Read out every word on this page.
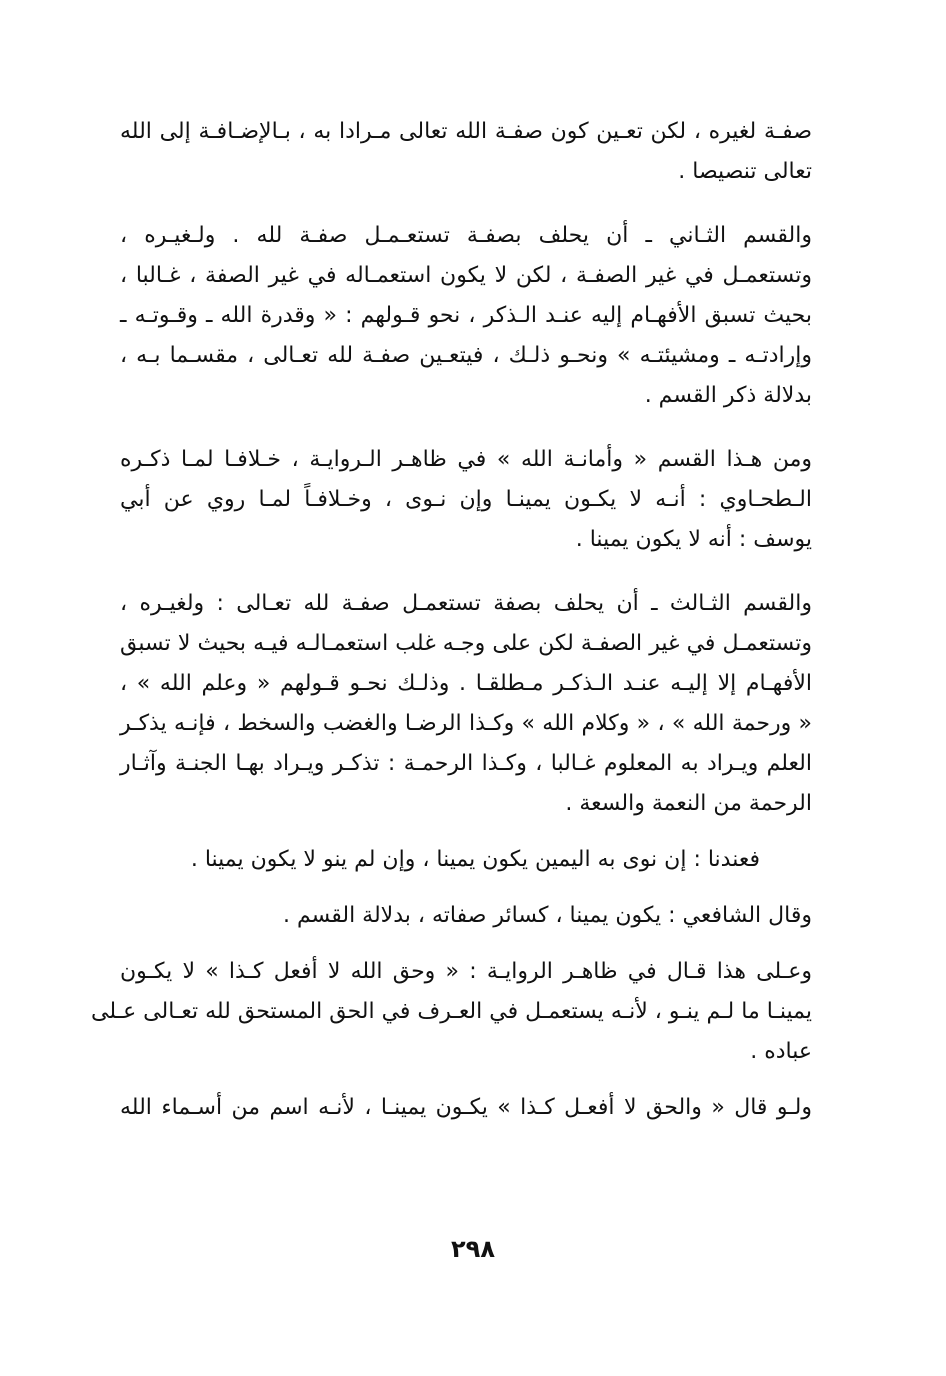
صفـة لغيره ، لكن تعـين كون صفـة الله تعالى مـرادا به ، بـالإضـافـة إلى الله
تعالى تنصيصا .
والقسم الثـاني ـ أن يحلف بصفـة تستعـمـل صفـة لله . ولـغيـره ،
وتستعمـل في غير الصفـة ، لكن لا يكون استعمـاله في غير الصفة ، غـالبا ،
بحيث تسبق الأفهـام إليه عنـد الـذكر ، نحو قـولهم : « وقدرة الله ـ وقـوتـه ـ
وإرادتـه ـ ومشيئتـه » ونحـو ذلـك ، فيتعـين صفـة لله تعـالى ، مقسـما بـه ،
بدلالة ذكر القسم .
ومن هـذا القسم « وأمانـة الله » في ظاهـر الـروايـة ، خـلافـا لمـا ذكـره
الـطحـاوي : أنـه لا يكـون يمينـا وإن نـوى ، وخـلافـاً لمـا روي عن أبي
يوسف : أنه لا يكون يمينا .
والقسم الثـالث ـ أن يحلف بصفة تستعمـل صفـة لله تعـالى : ولغيـره ،
وتستعمـل في غير الصفـة لكن على وجـه غلب استعمـالـه فيـه بحيث لا تسبق
الأفهـام إلا إليـه عنـد الـذكـر مـطلقـا . وذلـك نحـو قـولهم « وعلم الله » ،
« ورحمة الله » ، « وكلام الله » وكـذا الرضـا والغضب والسخط ، فإنـه يذكـر
العلم ويـراد به المعلوم غـالبا ، وكـذا الرحمـة : تذكـر ويـراد بهـا الجنـة وآثـار
الرحمة من النعمة والسعة .
فعندنا : إن نوى به اليمين يكون يمينا ، وإن لم ينو لا يكون يمينا .
وقال الشافعي : يكون يمينا ، كسائر صفاته ، بدلالة القسم .
وعـلى هذا قـال في ظاهـر الروايـة : « وحق الله لا أفعل كـذا » لا يكـون
يمينـا ما لـم ينـو ، لأنـه يستعمـل في العـرف في الحق المستحق لله تعـالى عـلى
عباده .
ولـو قال « والحق لا أفعـل كـذا » يكـون يمينـا ، لأنـه اسم من أسـماء الله
٢٩٨
